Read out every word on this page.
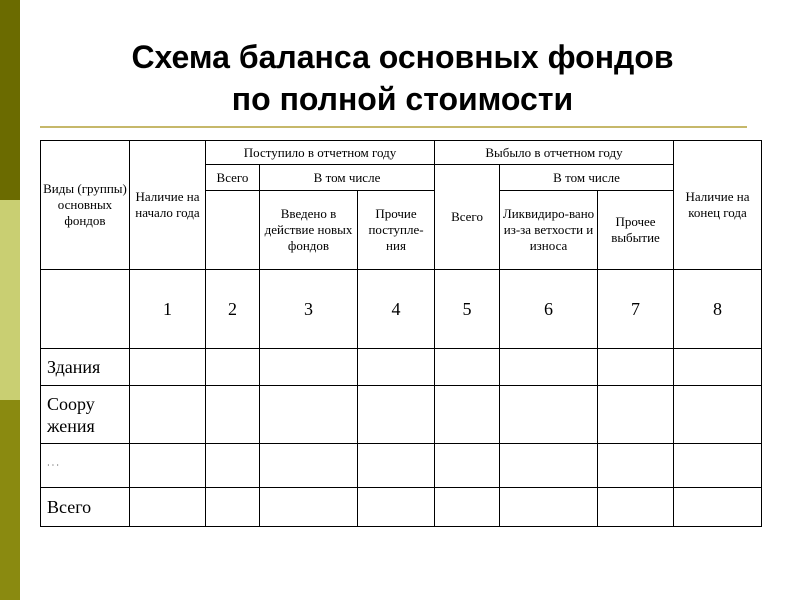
Схема баланса основных фондов
по полной стоимости
Виды (группы) основных фондов	Наличие на начало года	Поступило в отчетном году			Выбыло в отчетном году			Наличие на конец года
		Всего	В том числе		Всего	В том числе		
			Введено в действие новых фондов	Прочие поступле-ния		Ликвидиро-вано из-за ветхости и износа	Прочее выбытие	
	1	2	3	4	5	6	7	8
Здания								
Соору жения								
· · ·								
Всего								
